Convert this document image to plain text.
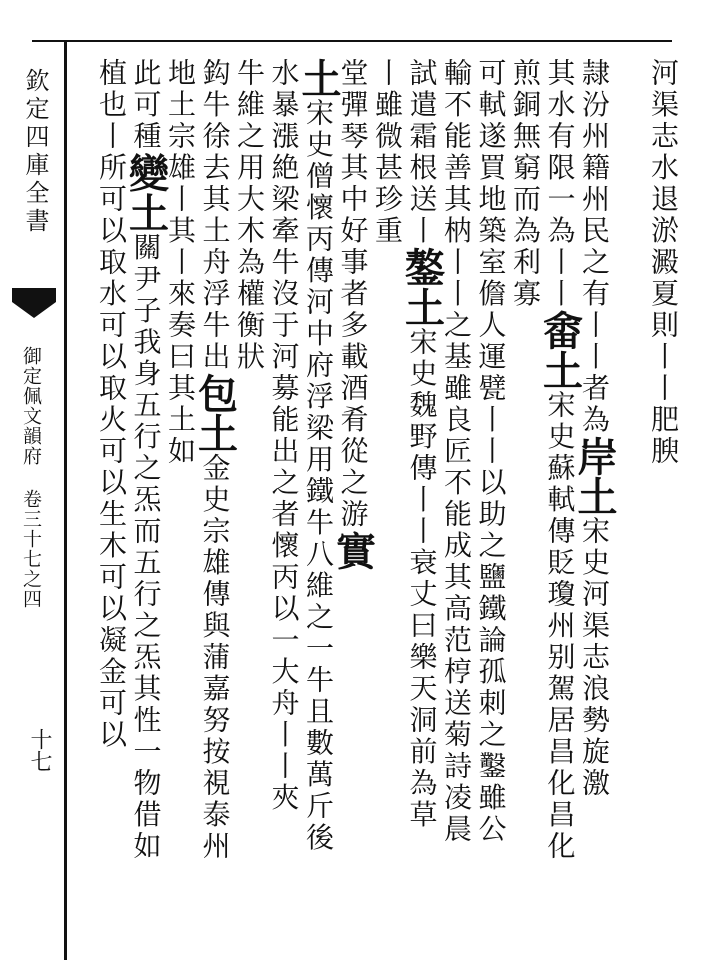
欽定四庫全書
御定佩文韻府 卷三十七之四
十七
河渠志水退淤澱夏則丨丨肥腴
隷汾州籍州民之有丨丨者為岸土宋史河渠志浪勢旋激
其水有限一為丨丨畬土宋史蘇軾傳貶瓊州别駕居昌化昌化
煎銅無窮而為利寡
可軾遂買地築室儋人運甓丨丨以助之鹽鐵論孤刺之鑿雖公
輸不能善其枘丨丨之基雖良匠不能成其高范梈送菊詩凌晨
試遣霜根送丨鏊土宋史魏野傳丨丨衰丈曰樂天洞前為草
丨雖微甚珍重
堂彈琴其中好事者多載酒肴從之游實
土宋史僧懷丙傳河中府浮梁用鐵牛八維之一牛且數萬斤後
水暴漲絶梁牽牛沒于河募能出之者懷丙以一大舟丨丨夾
牛維之用大木為權衡狀
鈎牛徐去其土舟浮牛出包土金史宗雄傳與蒲嘉努按視泰州
地土宗雄丨其丨來奏曰其土如
此可種變土關尹子我身五行之炁而五行之炁其性一物借如
植也丨所可以取水可以取火可以生木可以凝金可以
